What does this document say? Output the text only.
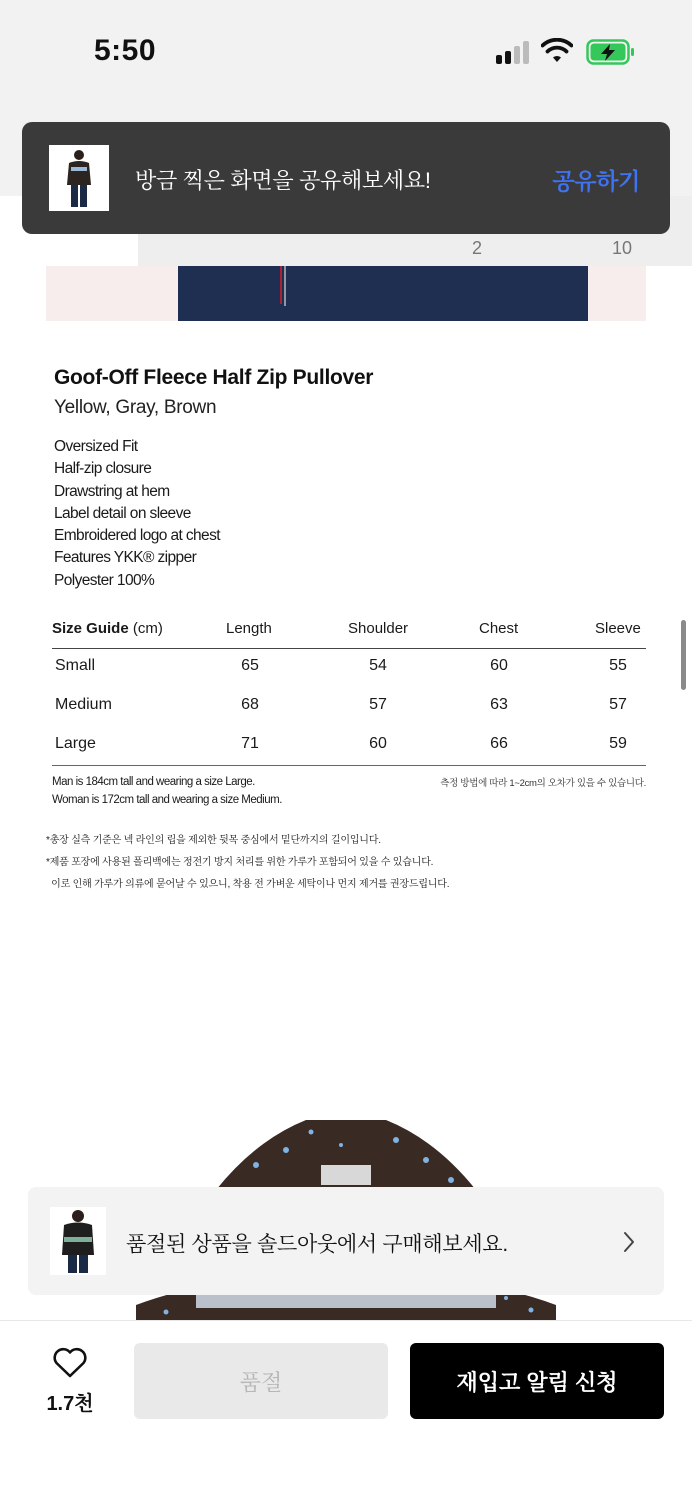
5:50
2	10
Goof-Off Fleece Half Zip Pullover
Yellow, Gray, Brown
Oversized Fit
Half-zip closure
Drawstring at hem
Label detail on sleeve
Embroidered logo at chest
Features YKK® zipper
Polyester 100%
Size Guide (cm)	Length	Shoulder	Chest	Sleeve
Small	65	54	60	55
Medium	68	57	63	57
Large	71	60	66	59
Man is 184cm tall and wearing a size Large.
Woman is 172cm tall and wearing a size Medium.
측정 방법에 따라 1~2cm의 오차가 있을 수 있습니다.
*총장 실측 기준은 넥 라인의 립을 제외한 뒷목 중심에서 밑단까지의 길이입니다.
*제품 포장에 사용된 폴리백에는 정전기 방지 처리를 위한 가루가 포함되어 있을 수 있습니다.
이로 인해 가루가 의류에 묻어날 수 있으니, 착용 전 가벼운 세탁이나 먼지 제거를 권장드립니다.
방금 찍은 화면을 공유해보세요!	공유하기
품절된 상품을 솔드아웃에서 구매해보세요.
1.7천
품절	재입고 알림 신청
